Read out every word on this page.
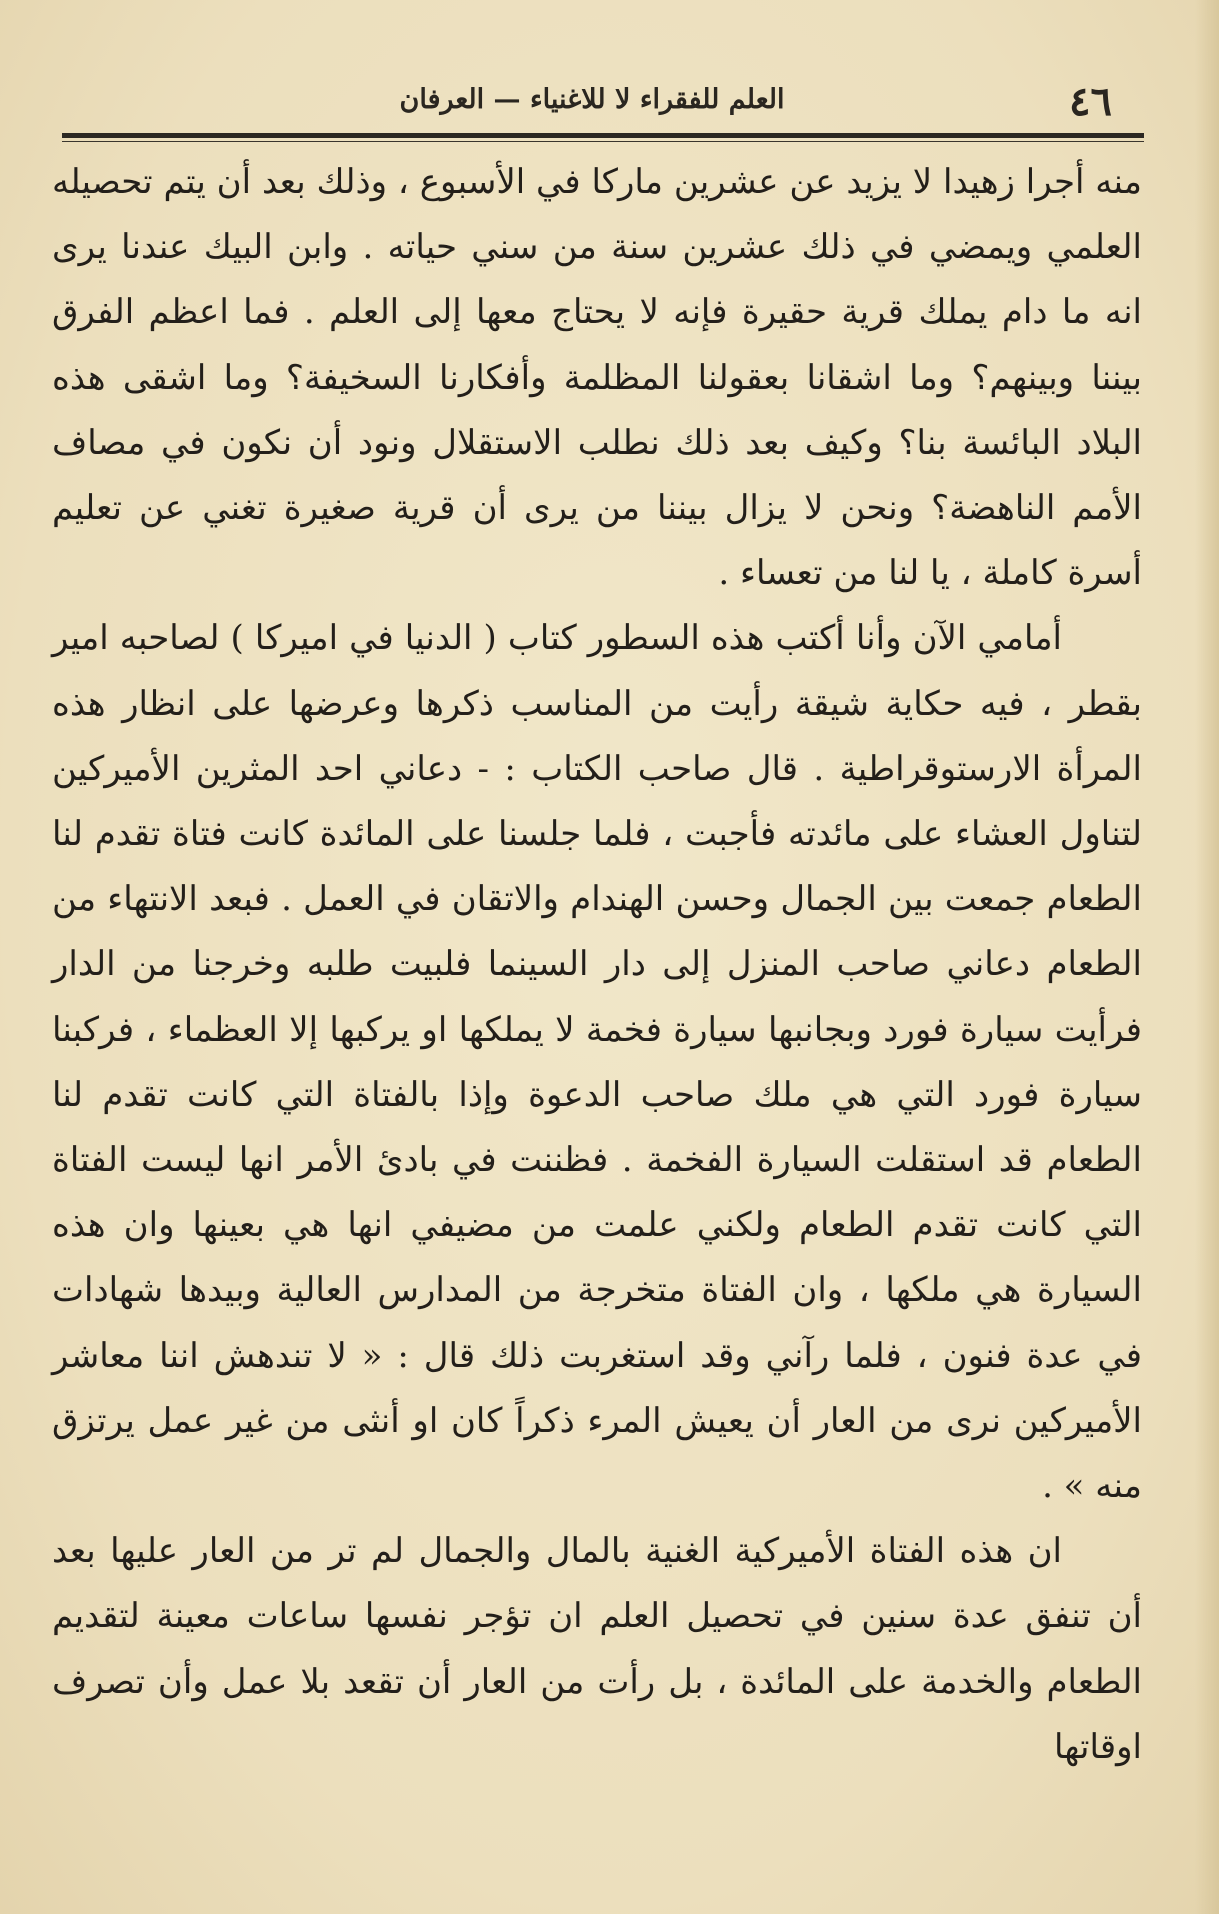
٤٦
العلم للفقراء لا للاغنياء — العرفان

منه أجرا زهيدا لا يزيد عن عشرين ماركا في الأسبوع ، وذلك بعد أن يتم تحصيله العلمي ويمضي في ذلك عشرين سنة من سني حياته . وابن البيك عندنا يرى انه ما دام يملك قرية حقيرة فإنه لا يحتاج معها إلى العلم . فما اعظم الفرق بيننا وبينهم؟ وما اشقانا بعقولنا المظلمة وأفكارنا السخيفة؟ وما اشقى هذه البلاد البائسة بنا؟ وكيف بعد ذلك نطلب الاستقلال ونود أن نكون في مصاف الأمم الناهضة؟ ونحن لا يزال بيننا من يرى أن قرية صغيرة تغني عن تعليم أسرة كاملة ، يا لنا من تعساء .

أمامي الآن وأنا أكتب هذه السطور كتاب ( الدنيا في اميركا ) لصاحبه امير بقطر ، فيه حكاية شيقة رأيت من المناسب ذكرها وعرضها على انظار هذه المرأة الارستوقراطية . قال صاحب الكتاب : - دعاني احد المثرين الأميركين لتناول العشاء على مائدته فأجبت ، فلما جلسنا على المائدة كانت فتاة تقدم لنا الطعام جمعت بين الجمال وحسن الهندام والاتقان في العمل . فبعد الانتهاء من الطعام دعاني صاحب المنزل إلى دار السينما فلبيت طلبه وخرجنا من الدار فرأيت سيارة فورد وبجانبها سيارة فخمة لا يملكها او يركبها إلا العظماء ، فركبنا سيارة فورد التي هي ملك صاحب الدعوة وإذا بالفتاة التي كانت تقدم لنا الطعام قد استقلت السيارة الفخمة . فظننت في بادئ الأمر انها ليست الفتاة التي كانت تقدم الطعام ولكني علمت من مضيفي انها هي بعينها وان هذه السيارة هي ملكها ، وان الفتاة متخرجة من المدارس العالية وبيدها شهادات في عدة فنون ، فلما رآني وقد استغربت ذلك قال : « لا تندهش اننا معاشر الأميركين نرى من العار أن يعيش المرء ذكراً كان او أنثى من غير عمل يرتزق منه » .

ان هذه الفتاة الأميركية الغنية بالمال والجمال لم تر من العار عليها بعد أن تنفق عدة سنين في تحصيل العلم ان تؤجر نفسها ساعات معينة لتقديم الطعام والخدمة على المائدة ، بل رأت من العار أن تقعد بلا عمل وأن تصرف اوقاتها
